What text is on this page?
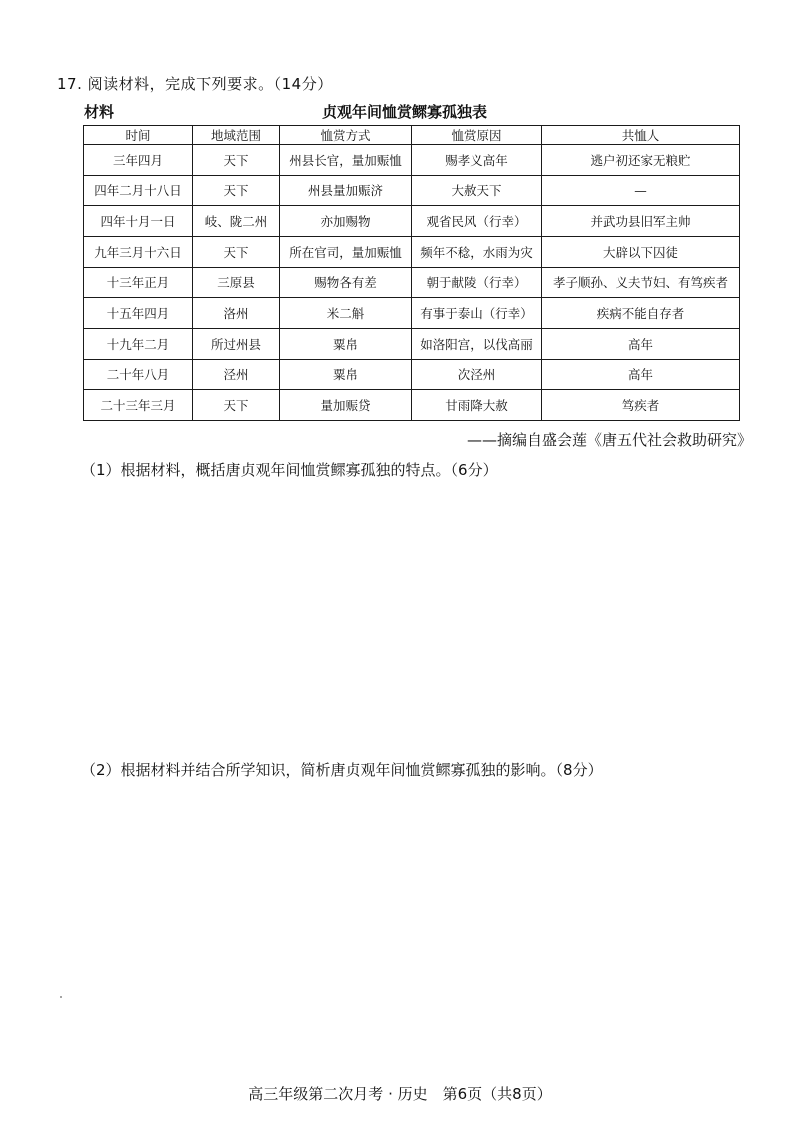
17. 阅读材料，完成下列要求。（14分）
材料	贞观年间恤赏鳏寡孤独表
时间	地域范围	恤赏方式	恤赏原因	共恤人
三年四月	天下	州县长官，量加赈恤	赐孝义高年	逃户初还家无粮贮
四年二月十八日	天下	州县量加赈济	大赦天下	—
四年十月一日	岐、陇二州	亦加赐物	观省民风（行幸）	并武功县旧军主帅
九年三月十六日	天下	所在官司，量加赈恤	频年不稔，水雨为灾	大辟以下囚徒
十三年正月	三原县	赐物各有差	朝于献陵（行幸）	孝子顺孙、义夫节妇、有笃疾者
十五年四月	洛州	米二斛	有事于泰山（行幸）	疾病不能自存者
十九年二月	所过州县	粟帛	如洛阳宫，以伐高丽	高年
二十年八月	泾州	粟帛	次泾州	高年
二十三年三月	天下	量加赈贷	甘雨降大赦	笃疾者
——摘编自盛会莲《唐五代社会救助研究》
（1）根据材料，概括唐贞观年间恤赏鳏寡孤独的特点。（6分）
（2）根据材料并结合所学知识，简析唐贞观年间恤赏鳏寡孤独的影响。（8分）
高三年级第二次月考 · 历史　第6页（共8页）
